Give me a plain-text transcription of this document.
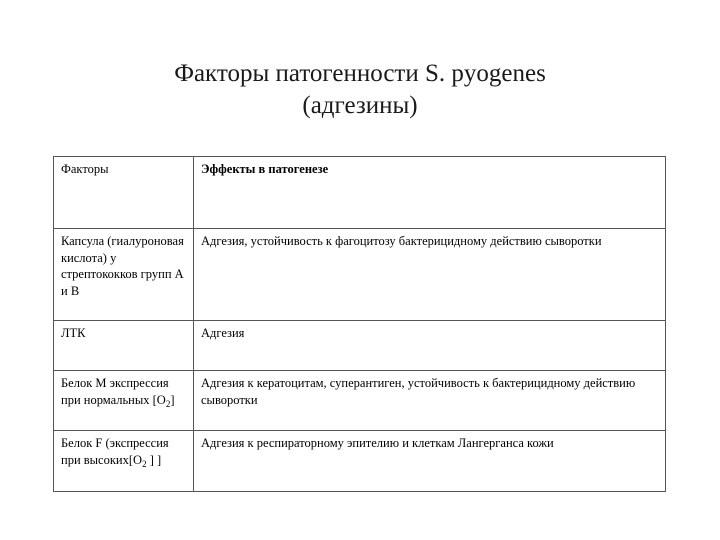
Факторы патогенности S. pyogenes
(адгезины)
Факторы	Эффекты в патогенезе
Капсула (гиалуроновая кислота) у стрептококков групп А и В	Адгезия, устойчивость к фагоцитозу бактерицидному действию сыворотки
ЛТК	Адгезия
Белок М экспрессия при нормальных $[O_2]$	Адгезия к кератоцитам, суперантиген, устойчивость к бактерицидному действию сыворотки
Белок F (экспрессия при $высоких[O_2$ ] ]	Адгезия к респираторному эпителию и клеткам Лангерганса кожи
